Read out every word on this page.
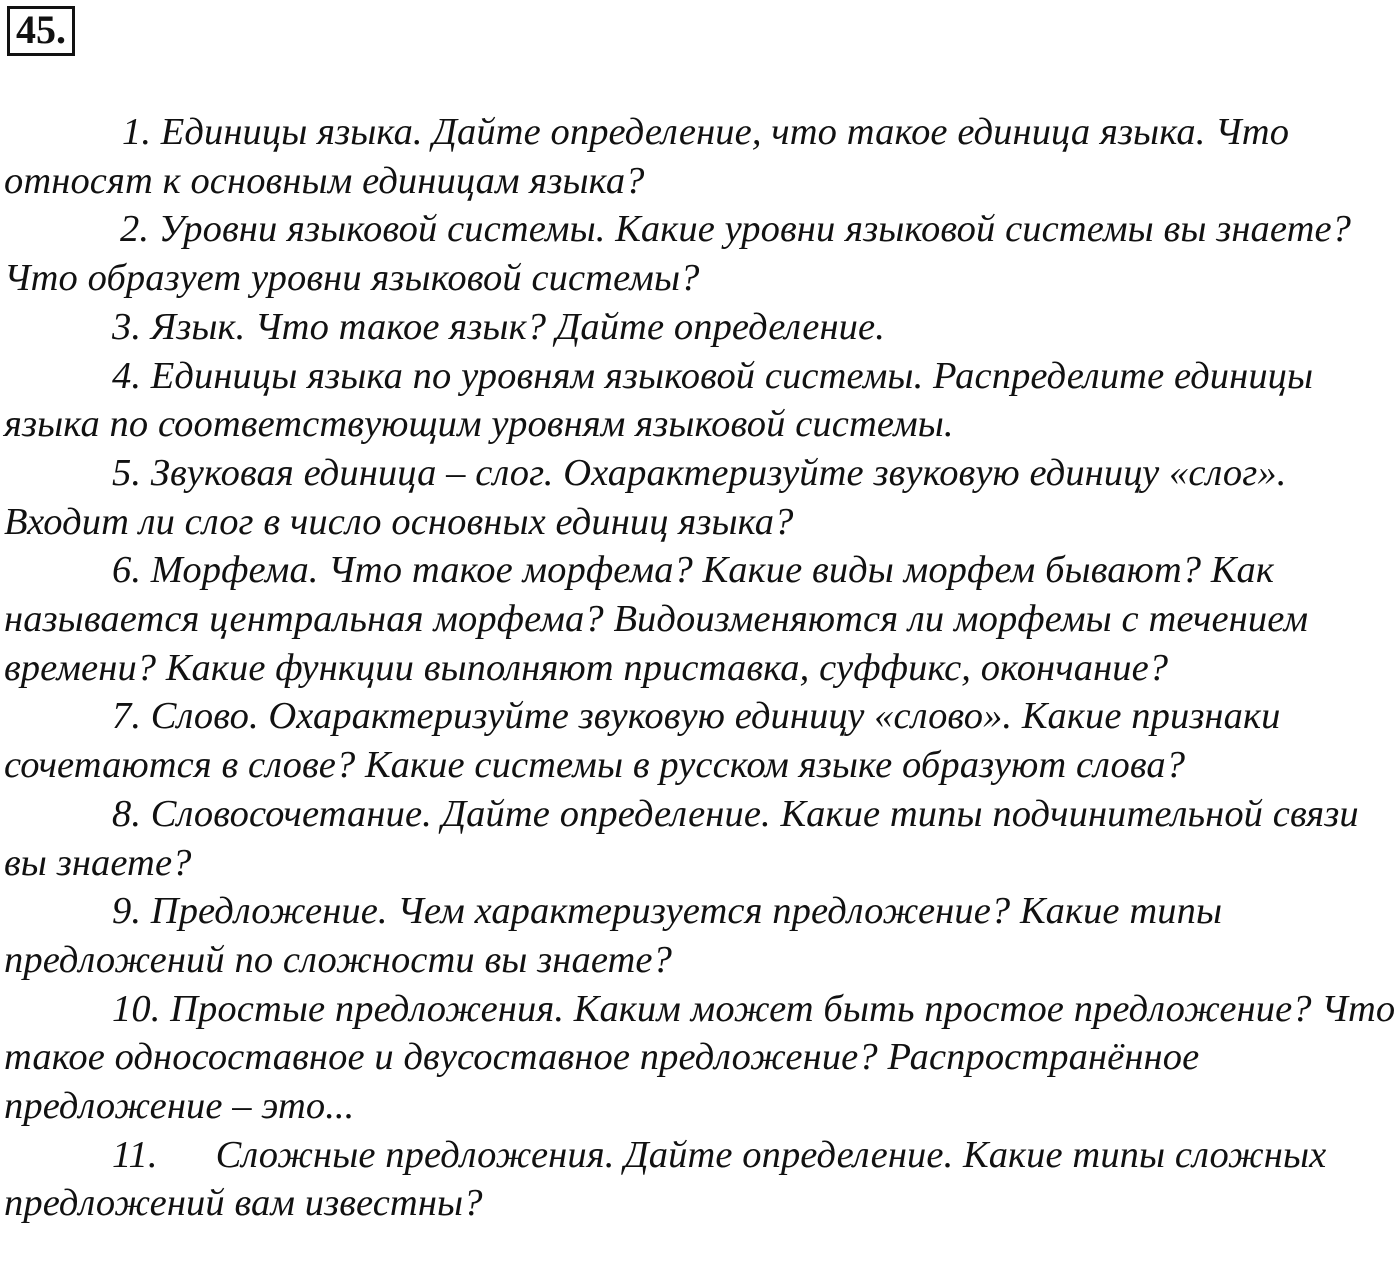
45.

1. Единицы языка. Дайте определение, что такое единица языка. Что относят к основным единицам языка?

2. Уровни языковой системы. Какие уровни языковой системы вы знаете? Что образует уровни языковой системы?

3. Язык. Что такое язык? Дайте определение.

4. Единицы языка по уровням языковой системы. Распределите единицы языка по соответствующим уровням языковой системы.

5. Звуковая единица – слог. Охарактеризуйте звуковую единицу «слог». Входит ли слог в число основных единиц языка?

6. Морфема. Что такое морфема? Какие виды морфем бывают? Как называется центральная морфема? Видоизменяются ли морфемы с течением времени? Какие функции выполняют приставка, суффикс, окончание?

7. Слово. Охарактеризуйте звуковую единицу «слово». Какие признаки сочетаются в слове? Какие системы в русском языке образуют слова?

8. Словосочетание. Дайте определение. Какие типы подчинительной связи вы знаете?

9. Предложение. Чем характеризуется предложение? Какие типы предложений по сложности вы знаете?

10. Простые предложения. Каким может быть простое предложение? Что такое односоставное и двусоставное предложение? Распространённое предложение – это...

11. Сложные предложения. Дайте определение. Какие типы сложных предложений вам известны?
